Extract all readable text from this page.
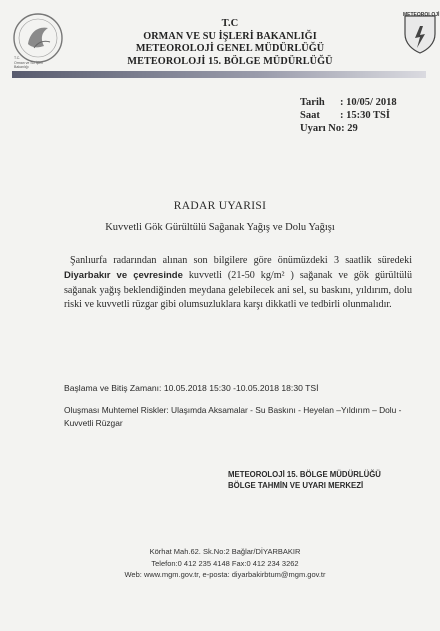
T.C.
Orman ve Su İşleri
Bakanlığı
METEOROLOJİ
T.C
ORMAN VE SU İŞLERİ BAKANLIĞI
METEOROLOJİ GENEL MÜDÜRLÜĞÜ
METEOROLOJİ 15. BÖLGE MÜDÜRLÜĞÜ
Tarih	: 10/05/ 2018
Saat	: 15:30 TSİ
Uyarı No: 29
RADAR UYARISI
Kuvvetli Gök Gürültülü Sağanak Yağış ve Dolu Yağışı
Şanlıurfa radarından alınan son bilgilere göre önümüzdeki 3 saatlik süredeki Diyarbakır ve çevresinde kuvvetli (21-50 kg/m² ) sağanak ve gök gürültülü sağanak yağış beklendiğinden meydana gelebilecek ani sel, su baskını, yıldırım, dolu riski ve kuvvetli rüzgar gibi olumsuzluklara karşı dikkatli ve tedbirli olunmalıdır.
Başlama ve Bitiş Zamanı: 10.05.2018 15:30 -10.05.2018 18:30 TSİ
Oluşması Muhtemel Riskler: Ulaşımda Aksamalar - Su Baskını - Heyelan –Yıldırım – Dolu - Kuvvetli Rüzgar
METEOROLOJİ 15. BÖLGE MÜDÜRLÜĞÜ
BÖLGE TAHMİN VE UYARI MERKEZİ
Körhat Mah.62. Sk.No:2 Bağlar/DİYARBAKIR
Telefon:0 412 235 4148 Fax:0 412 234 3262
Web: www.mgm.gov.tr, e-posta: diyarbakirbtum@mgm.gov.tr
